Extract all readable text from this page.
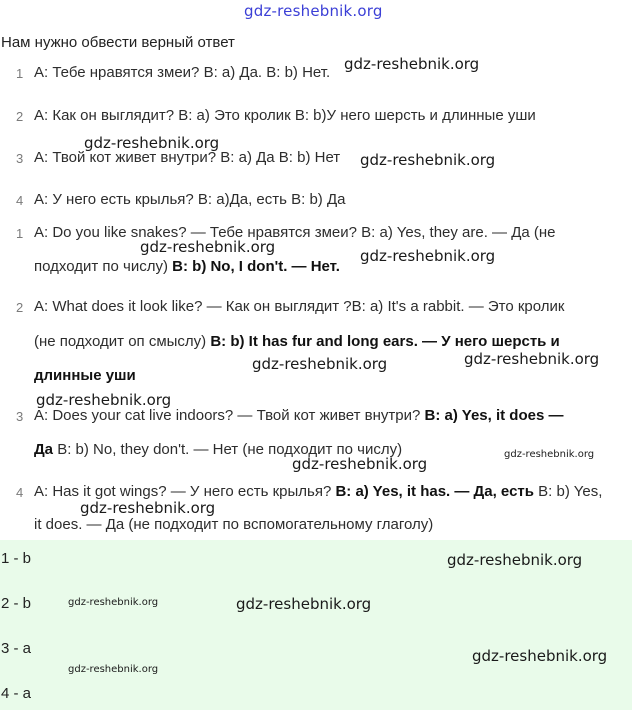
gdz-reshebnik.org
Нам нужно обвести верный ответ
1 A: Тебе нравятся змеи? B: a) Да. B: b) Нет.
2 A: Как он выглядит? B: a) Это кролик B: b)У него шерсть и длинные уши
3 A: Твой кот живет внутри? B: a) Да B: b) Нет
4 A: У него есть крылья? B: a)Да, есть B: b) Да
1 A: Do you like snakes? — Тебе нравятся змеи? B: a) Yes, they are. — Да (не
подходит по числу) B: b) No, I don't. — Нет.
2 A: What does it look like? — Как он выглядит ?B: a) It's a rabbit. — Это кролик
(не подходит оп смыслу) B: b) It has fur and long ears. — У него шерсть и
длинные уши
3 A: Does your cat live indoors? — Твой кот живет внутри? B: a) Yes, it does —
Да B: b) No, they don't. — Нет (не подходит по числу)
4 A: Has it got wings? — У него есть крылья? B: a) Yes, it has. — Да, есть B: b) Yes,
it does. — Да (не подходит по вспомогательному глаголу)
1 - b
2 - b
3 - a
4 - a
gdz-reshebnik.org
gdz-reshebnik.org
gdz-reshebnik.org
gdz-reshebnik.org	gdz-reshebnik.org
gdz-reshebnik.org
gdz-reshebnik.org
gdz-reshebnik.org
gdz-reshebnik.org
gdz-reshebnik.org
gdz-reshebnik.org
gdz-reshebnik.org
gdz-reshebnik.org	gdz-reshebnik.org
gdz-reshebnik.org
gdz-reshebnik.org
